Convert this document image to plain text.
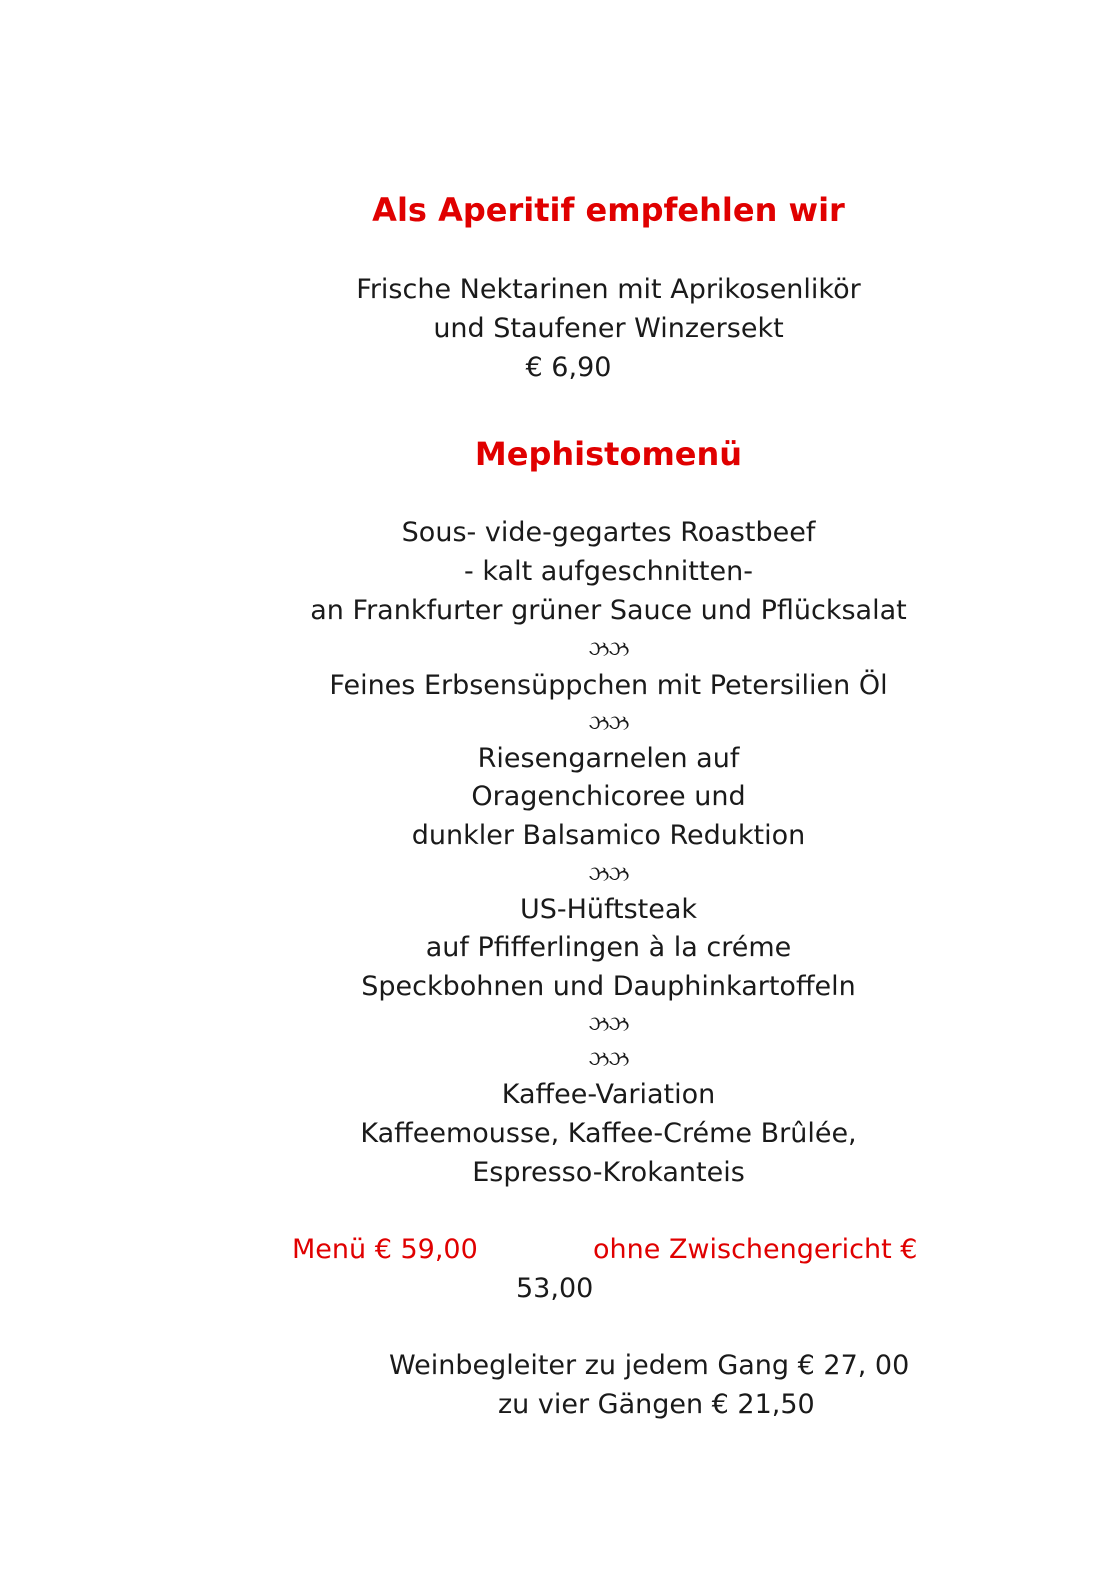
Als Aperitif empfehlen wir
Frische Nektarinen mit Aprikosenlikör
und Staufener Winzersekt
€ 6,90
Mephistomenü
Sous- vide-gegartes Roastbeef
- kalt aufgeschnitten-
an Frankfurter grüner Sauce und Pflücksalat
ઝઝ
Feines Erbsensüppchen mit Petersilien Öl
ઝઝ
Riesengarnelen auf
Oragenchicoree und
dunkler Balsamico Reduktion
ઝઝ
US-Hüftsteak
auf Pfifferlingen à la créme
Speckbohnen und Dauphinkartoffeln
ઝઝ
ઝઝ
Kaffee-Variation
Kaffeemousse, Kaffee-Créme Brûlée,
Espresso-Krokanteis
Menü € 59,00	ohne Zwischengericht €
53,00
Weinbegleiter zu jedem Gang € 27, 00
zu vier Gängen € 21,50
